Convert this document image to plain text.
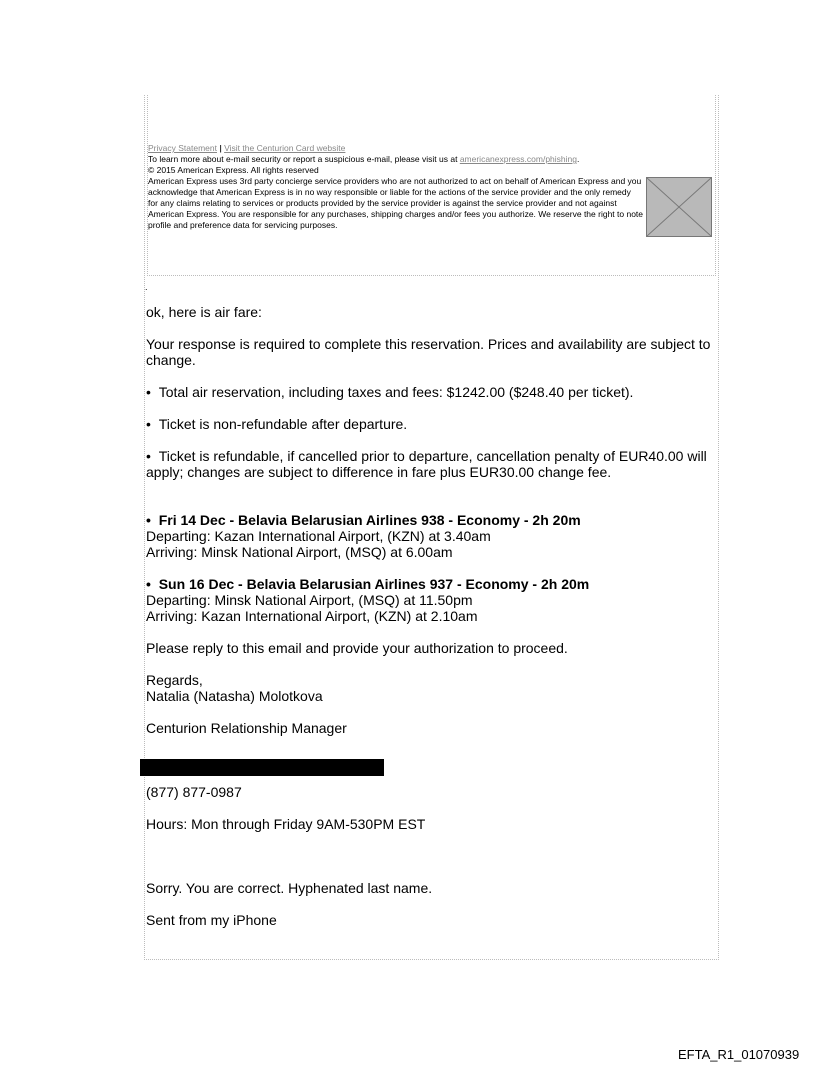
Privacy Statement | Visit the Centurion Card website
To learn more about e-mail security or report a suspicious e-mail, please visit us at americanexpress.com/phishing.
© 2015 American Express. All rights reserved
American Express uses 3rd party concierge service providers who are not authorized to act on behalf of American Express and you acknowledge that American Express is in no way responsible or liable for the actions of the service provider and the only remedy for any claims relating to services or products provided by the service provider is against the service provider and not against American Express. You are responsible for any purchases, shipping charges and/or fees you authorize. We reserve the right to note profile and preference data for servicing purposes.
.

ok, here is air fare:

Your response is required to complete this reservation. Prices and availability are subject to change.

•  Total air reservation, including taxes and fees: $1242.00 ($248.40 per ticket).

•  Ticket is non-refundable after departure.

•  Ticket is refundable, if cancelled prior to departure, cancellation penalty of EUR40.00 will apply; changes are subject to difference in fare plus EUR30.00 change fee.

•  Fri 14 Dec - Belavia Belarusian Airlines 938 - Economy - 2h 20m

Departing: Kazan International Airport, (KZN) at 3.40am

Arriving: Minsk National Airport, (MSQ) at 6.00am

•  Sun 16 Dec - Belavia Belarusian Airlines 937 - Economy - 2h 20m

Departing: Minsk National Airport, (MSQ) at 11.50pm

Arriving: Kazan International Airport, (KZN) at 2.10am

Please reply to this email and provide your authorization to proceed.

Regards,

Natalia (Natasha) Molotkova

Centurion Relationship Manager

(877) 877-0987

Hours: Mon through Friday 9AM-530PM EST

Sorry. You are correct. Hyphenated last name.

Sent from my iPhone

EFTA_R1_01070939
